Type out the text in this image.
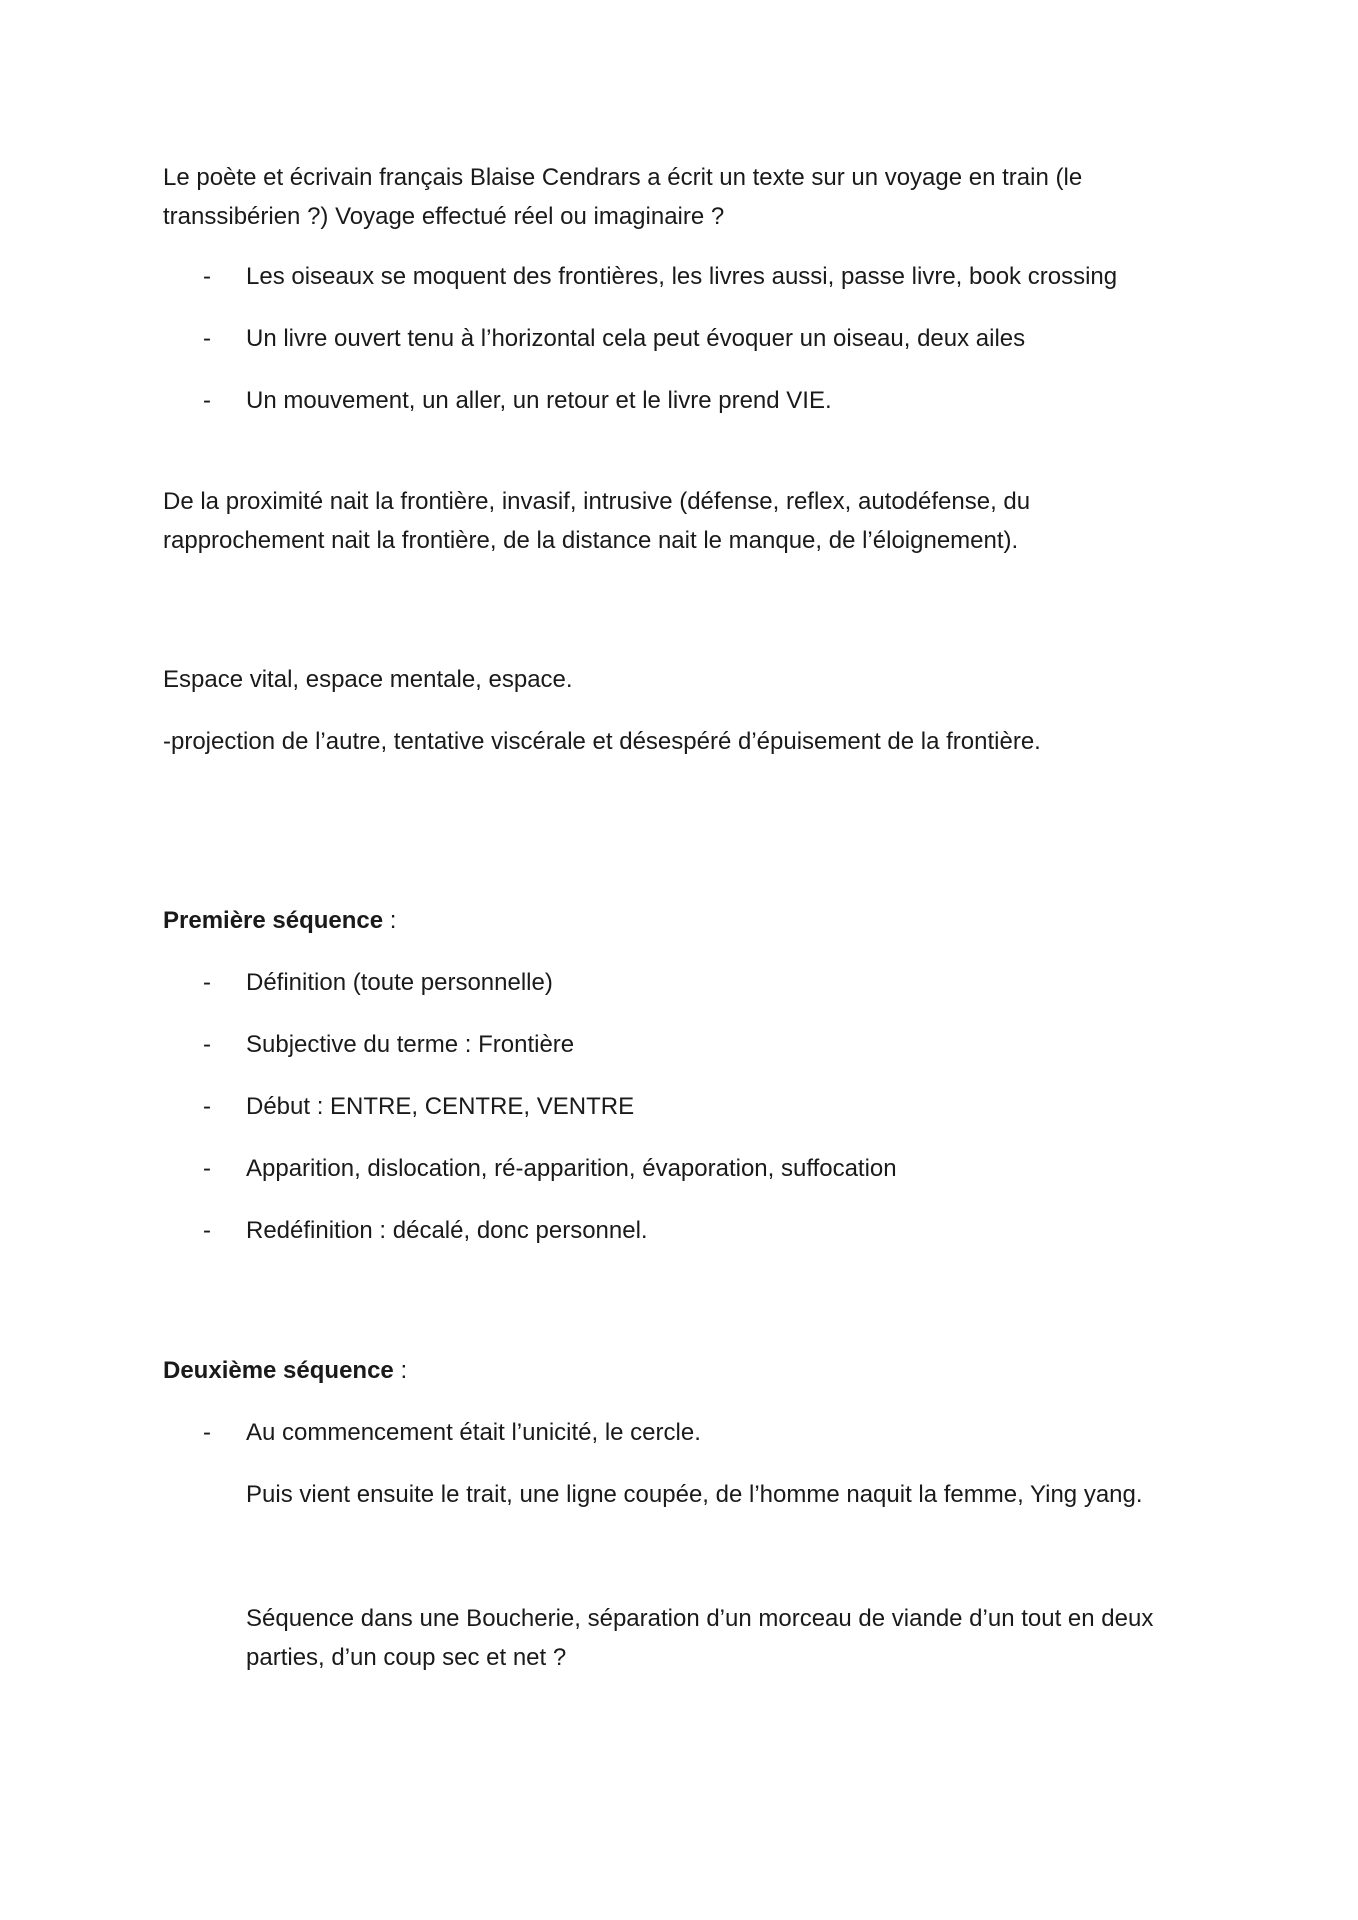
Le poète et écrivain français Blaise Cendrars a écrit un texte sur un voyage en train (le
transsibérien ?) Voyage effectué réel ou imaginaire ?

- Les oiseaux se moquent des frontières, les livres aussi, passe livre, book crossing
- Un livre ouvert tenu à l’horizontal cela peut évoquer un oiseau, deux ailes
- Un mouvement, un aller, un retour et le livre prend VIE.

De la proximité nait la frontière, invasif, intrusive (défense, reflex, autodéfense, du
rapprochement nait la frontière, de la distance nait le manque, de l’éloignement).

Espace vital, espace mentale, espace.

-projection de l’autre, tentative viscérale et désespéré d’épuisement de la frontière.

Première séquence :

- Définition (toute personnelle)
- Subjective du terme : Frontière
- Début : ENTRE, CENTRE, VENTRE
- Apparition, dislocation, ré-apparition, évaporation, suffocation
- Redéfinition : décalé, donc personnel.

Deuxième séquence :

- Au commencement était l’unicité, le cercle.

Puis vient ensuite le trait, une ligne coupée, de l’homme naquit la femme, Ying yang.

Séquence dans une Boucherie, séparation d’un morceau de viande d’un tout en deux
parties, d’un coup sec et net ?
